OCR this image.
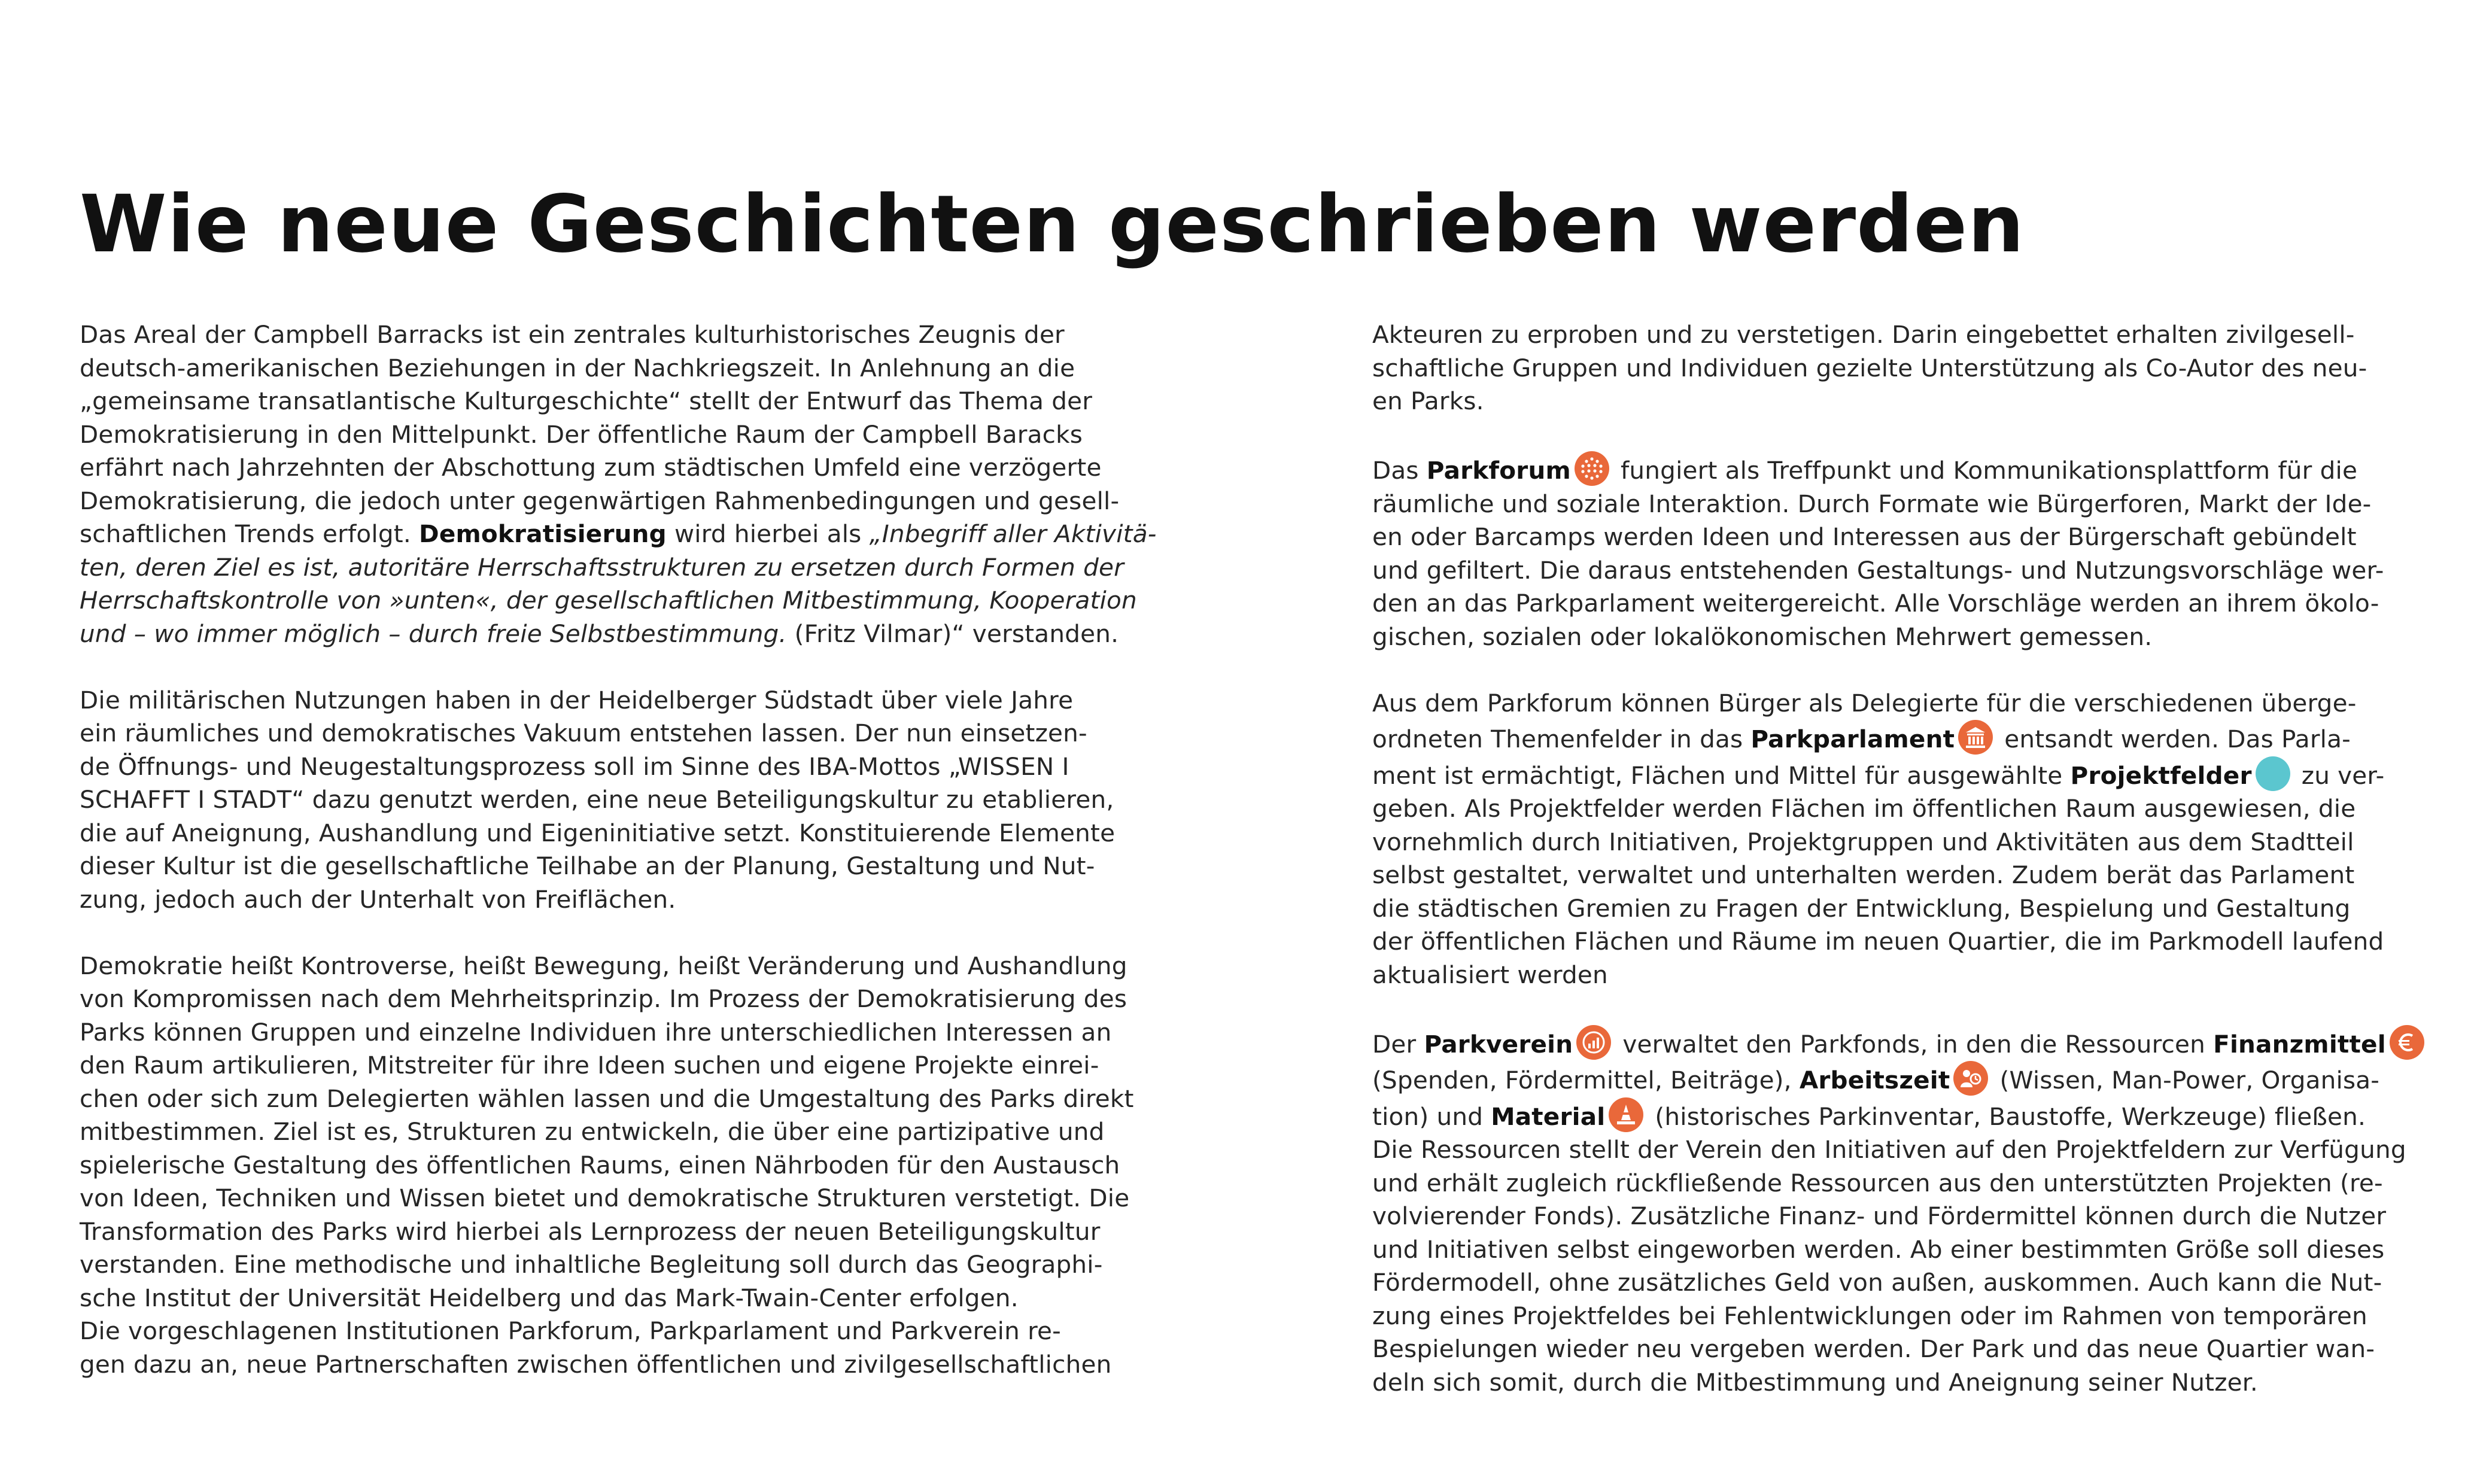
Wie neue Geschichten geschrieben werden

Das Areal der Campbell Barracks ist ein zentrales kulturhistorisches Zeugnis der
deutsch-amerikanischen Beziehungen in der Nachkriegszeit. In Anlehnung an die
„gemeinsame transatlantische Kulturgeschichte“ stellt der Entwurf das Thema der
Demokratisierung in den Mittelpunkt. Der öffentliche Raum der Campbell Baracks
erfährt nach Jahrzehnten der Abschottung zum städtischen Umfeld eine verzögerte
Demokratisierung, die jedoch unter gegenwärtigen Rahmenbedingungen und gesell-
schaftlichen Trends erfolgt. Demokratisierung wird hierbei als „Inbegriff aller Aktivitä-
ten, deren Ziel es ist, autoritäre Herrschaftsstrukturen zu ersetzen durch Formen der
Herrschaftskontrolle von »unten«, der gesellschaftlichen Mitbestimmung, Kooperation
und – wo immer möglich – durch freie Selbstbestimmung. (Fritz Vilmar)“ verstanden.

Die militärischen Nutzungen haben in der Heidelberger Südstadt über viele Jahre
ein räumliches und demokratisches Vakuum entstehen lassen. Der nun einsetzen-
de Öffnungs- und Neugestaltungsprozess soll im Sinne des IBA-Mottos „WISSEN I
SCHAFFT I STADT“ dazu genutzt werden, eine neue Beteiligungskultur zu etablieren,
die auf Aneignung, Aushandlung und Eigeninitiative setzt. Konstituierende Elemente
dieser Kultur ist die gesellschaftliche Teilhabe an der Planung, Gestaltung und Nut-
zung, jedoch auch der Unterhalt von Freiflächen.

Demokratie heißt Kontroverse, heißt Bewegung, heißt Veränderung und Aushandlung
von Kompromissen nach dem Mehrheitsprinzip. Im Prozess der Demokratisierung des
Parks können Gruppen und einzelne Individuen ihre unterschiedlichen Interessen an
den Raum artikulieren, Mitstreiter für ihre Ideen suchen und eigene Projekte einrei-
chen oder sich zum Delegierten wählen lassen und die Umgestaltung des Parks direkt
mitbestimmen. Ziel ist es, Strukturen zu entwickeln, die über eine partizipative und
spielerische Gestaltung des öffentlichen Raums, einen Nährboden für den Austausch
von Ideen, Techniken und Wissen bietet und demokratische Strukturen verstetigt. Die
Transformation des Parks wird hierbei als Lernprozess der neuen Beteiligungskultur
verstanden. Eine methodische und inhaltliche Begleitung soll durch das Geographi-
sche Institut der Universität Heidelberg und das Mark-Twain-Center erfolgen.
Die vorgeschlagenen Institutionen Parkforum, Parkparlament und Parkverein re-
gen dazu an, neue Partnerschaften zwischen öffentlichen und zivilgesellschaftlichen

Akteuren zu erproben und zu verstetigen. Darin eingebettet erhalten zivilgesell-
schaftliche Gruppen und Individuen gezielte Unterstützung als Co-Autor des neu-
en Parks.

Das Parkforum fungiert als Treffpunkt und Kommunikationsplattform für die
räumliche und soziale Interaktion. Durch Formate wie Bürgerforen, Markt der Ide-
en oder Barcamps werden Ideen und Interessen aus der Bürgerschaft gebündelt
und gefiltert. Die daraus entstehenden Gestaltungs- und Nutzungsvorschläge wer-
den an das Parkparlament weitergereicht. Alle Vorschläge werden an ihrem ökolo-
gischen, sozialen oder lokalökonomischen Mehrwert gemessen.

Aus dem Parkforum können Bürger als Delegierte für die verschiedenen überge-
ordneten Themenfelder in das Parkparlament entsandt werden. Das Parla-
ment ist ermächtigt, Flächen und Mittel für ausgewählte Projektfelder zu ver-
geben. Als Projektfelder werden Flächen im öffentlichen Raum ausgewiesen, die
vornehmlich durch Initiativen, Projektgruppen und Aktivitäten aus dem Stadtteil
selbst gestaltet, verwaltet und unterhalten werden. Zudem berät das Parlament
die städtischen Gremien zu Fragen der Entwicklung, Bespielung und Gestaltung
der öffentlichen Flächen und Räume im neuen Quartier, die im Parkmodell laufend
aktualisiert werden

Der Parkverein verwaltet den Parkfonds, in den die Ressourcen Finanzmittel
(Spenden, Fördermittel, Beiträge), Arbeitszeit (Wissen, Man-Power, Organisa-
tion) und Material (historisches Parkinventar, Baustoffe, Werkzeuge) fließen.
Die Ressourcen stellt der Verein den Initiativen auf den Projektfeldern zur Verfügung
und erhält zugleich rückfließende Ressourcen aus den unterstützten Projekten (re-
volvierender Fonds). Zusätzliche Finanz- und Fördermittel können durch die Nutzer
und Initiativen selbst eingeworben werden. Ab einer bestimmten Größe soll dieses
Fördermodell, ohne zusätzliches Geld von außen, auskommen. Auch kann die Nut-
zung eines Projektfeldes bei Fehlentwicklungen oder im Rahmen von temporären
Bespielungen wieder neu vergeben werden. Der Park und das neue Quartier wan-
deln sich somit, durch die Mitbestimmung und Aneignung seiner Nutzer.
